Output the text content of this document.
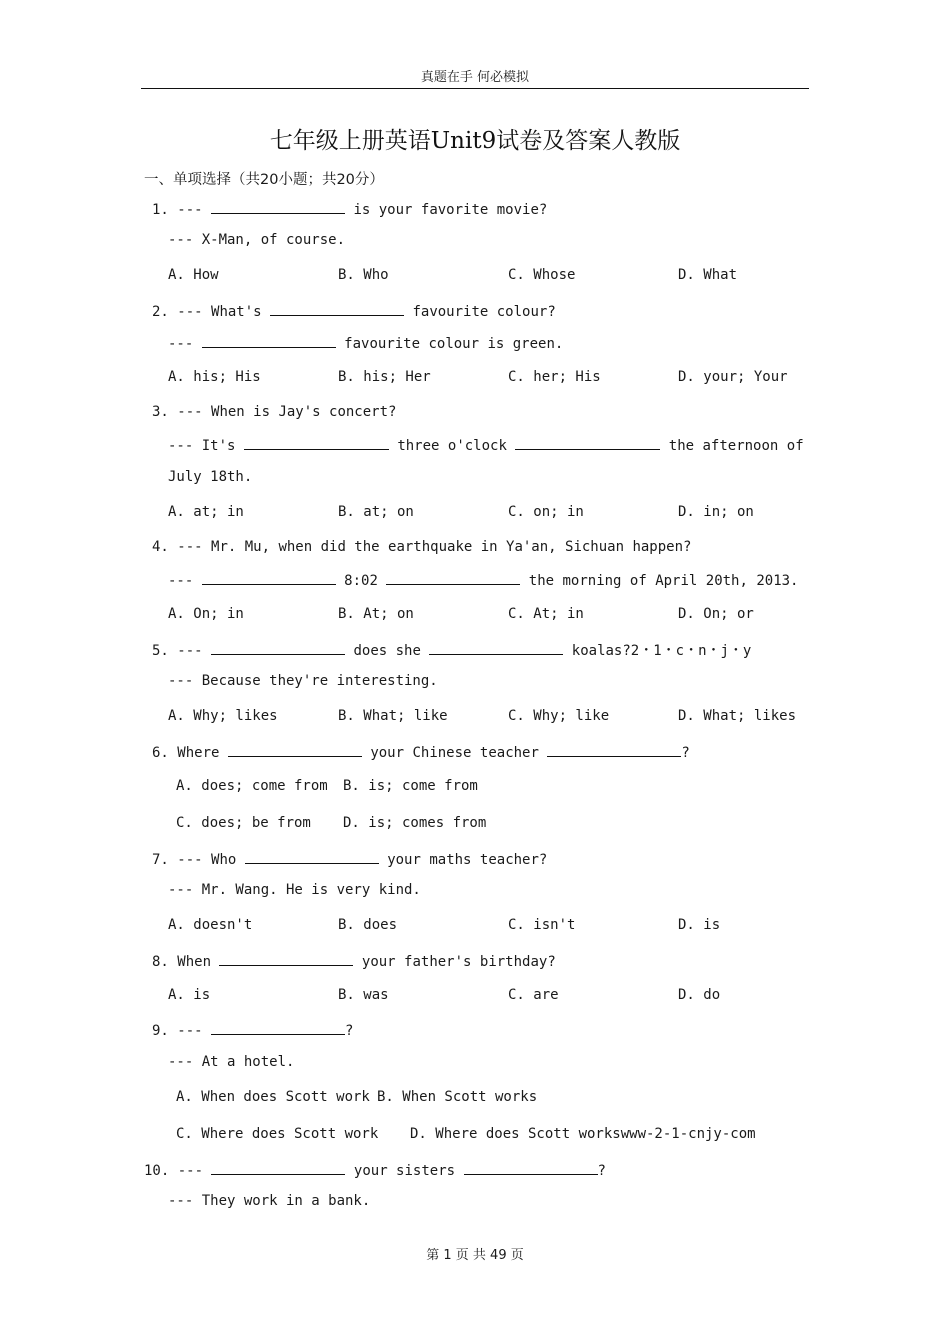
真题在手 何必模拟
七年级上册英语Unit9试卷及答案人教版
一、单项选择（共20小题；共20分）
1. ---	is your favorite movie?
--- X-Man, of course.
A. How	B. Who	C. Whose	D. What
2. --- What's	favourite colour?
---	favourite colour is green.
A. his; His	B. his; Her	C. her; His	D. your; Your
3. --- When is Jay's concert?
--- It's	three o'clock	the afternoon of
July 18th.
A. at; in	B. at; on	C. on; in	D. in; on
4. --- Mr. Mu, when did the earthquake in Ya'an, Sichuan happen?
---	8:02	the morning of April 20th, 2013.
A. On; in	B. At; on	C. At; in	D. On; or
5. ---	does she	koalas?2・1・c・n・j・y
--- Because they're interesting.
A. Why; likes	B. What; like	C. Why; like	D. What; likes
6. Where	your Chinese teacher	?
A. does; come from B. is; come from
C. does; be from D. is; comes from
7. --- Who	your maths teacher?
--- Mr. Wang. He is very kind.
A. doesn't	B. does	C. isn't	D. is
8. When	your father's birthday?
A. is	B. was	C. are	D. do
9. ---	?
--- At a hotel.
A. When does Scott work B. When Scott works
C. Where does Scott work D. Where does Scott workswww-2-1-cnjy-com
10. ---	your sisters	?
--- They work in a bank.
第 1 页 共 49 页
